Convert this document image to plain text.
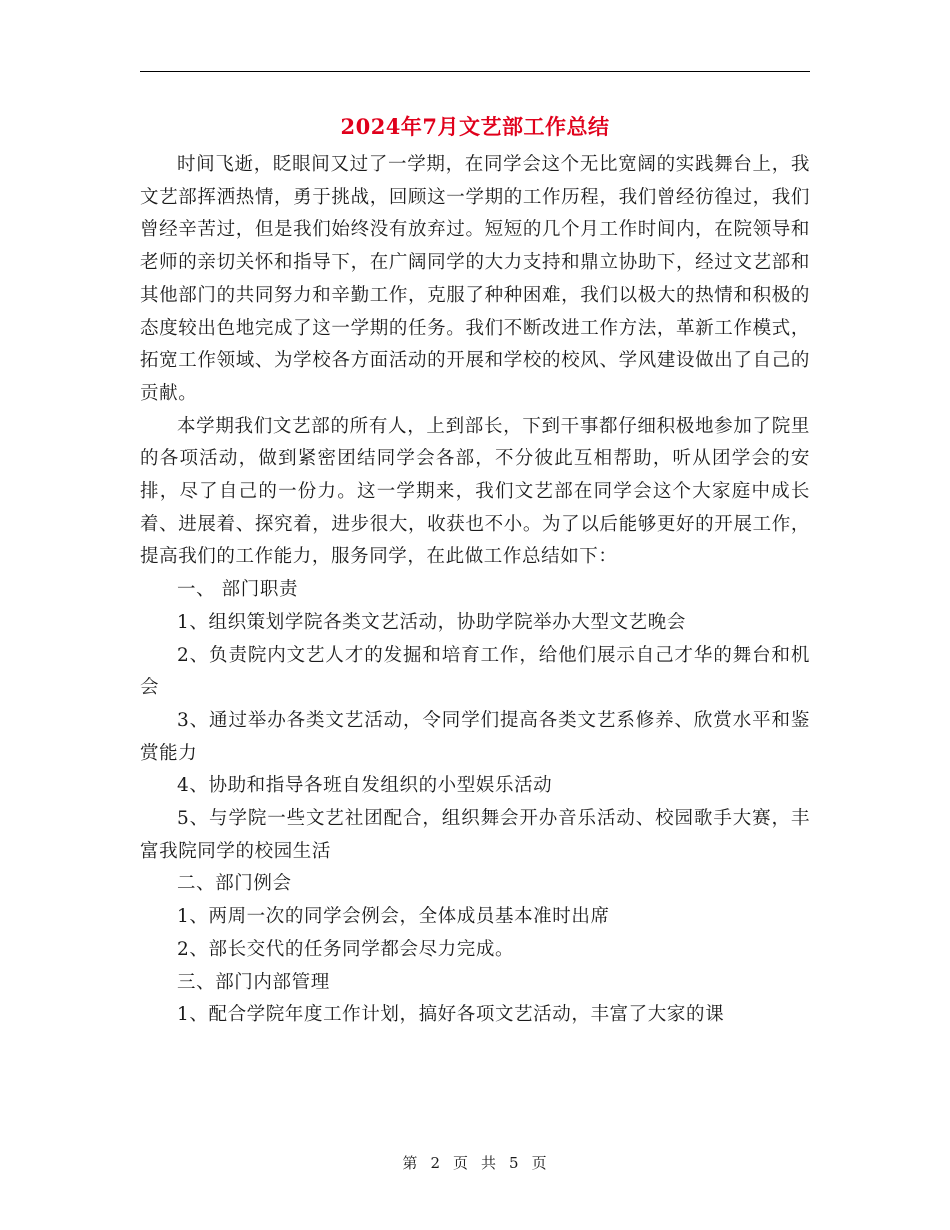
2024年7月文艺部工作总结

时间飞逝，眨眼间又过了一学期，在同学会这个无比宽阔的实践舞台上，我文艺部挥洒热情，勇于挑战，回顾这一学期的工作历程，我们曾经彷徨过，我们曾经辛苦过，但是我们始终没有放弃过。短短的几个月工作时间内，在院领导和老师的亲切关怀和指导下，在广阔同学的大力支持和鼎立协助下，经过文艺部和其他部门的共同努力和辛勤工作，克服了种种困难，我们以极大的热情和积极的态度较出色地完成了这一学期的任务。我们不断改进工作方法，革新工作模式，拓宽工作领域、为学校各方面活动的开展和学校的校风、学风建设做出了自己的贡献。

本学期我们文艺部的所有人，上到部长，下到干事都仔细积极地参加了院里的各项活动，做到紧密团结同学会各部，不分彼此互相帮助，听从团学会的安排，尽了自己的一份力。这一学期来，我们文艺部在同学会这个大家庭中成长着、进展着、探究着，进步很大，收获也不小。为了以后能够更好的开展工作，提高我们的工作能力，服务同学，在此做工作总结如下：

一、 部门职责

1、组织策划学院各类文艺活动，协助学院举办大型文艺晚会

2、负责院内文艺人才的发掘和培育工作，给他们展示自己才华的舞台和机会

3、通过举办各类文艺活动，令同学们提高各类文艺系修养、欣赏水平和鉴赏能力

4、协助和指导各班自发组织的小型娱乐活动

5、与学院一些文艺社团配合，组织舞会开办音乐活动、校园歌手大赛，丰富我院同学的校园生活

二、部门例会

1、两周一次的同学会例会，全体成员基本准时出席

2、部长交代的任务同学都会尽力完成。

三、部门内部管理

1、配合学院年度工作计划，搞好各项文艺活动，丰富了大家的课

第 2 页 共 5 页
